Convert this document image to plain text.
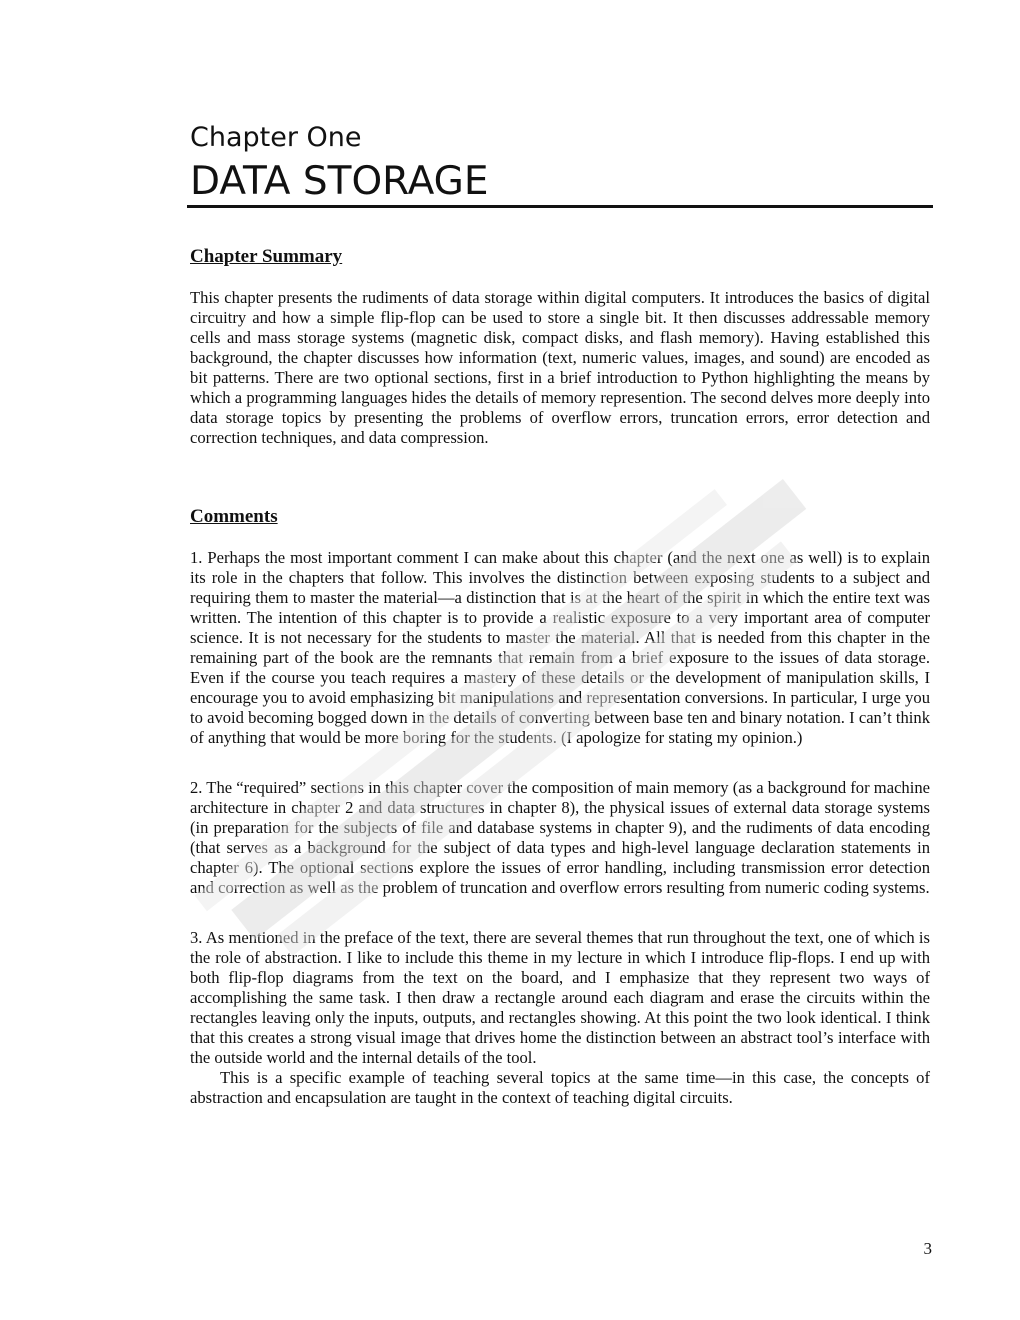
Chapter One
DATA STORAGE
Chapter Summary

This chapter presents the rudiments of data storage within digital computers. It introduces the basics of digital circuitry and how a simple flip-flop can be used to store a single bit. It then discusses addressable memory cells and mass storage systems (magnetic disk, compact disks, and flash memory). Having established this background, the chapter discusses how information (text, numeric values, images, and sound) are encoded as bit patterns. There are two optional sections, first in a brief introduction to Python highlighting the means by which a programming languages hides the details of memory represention. The second delves more deeply into data storage topics by presenting the problems of overflow errors, truncation errors, error detection and correction techniques, and data compression.

Comments

1. Perhaps the most important comment I can make about this chapter (and the next one as well) is to explain its role in the chapters that follow. This involves the distinction between exposing students to a subject and requiring them to master the material—a distinction that is at the heart of the spirit in which the entire text was written. The intention of this chapter is to provide a realistic exposure to a very important area of computer science. It is not necessary for the students to master the material. All that is needed from this chapter in the remaining part of the book are the remnants that remain from a brief exposure to the issues of data storage. Even if the course you teach requires a mastery of these details or the development of manipulation skills, I encourage you to avoid emphasizing bit manipulations and representation conversions. In particular, I urge you to avoid becoming bogged down in the details of converting between base ten and binary notation. I can’t think of anything that would be more boring for the students. (I apologize for stating my opinion.)

2. The “required” sections in this chapter cover the composition of main memory (as a background for machine architecture in chapter 2 and data structures in chapter 8), the physical issues of external data storage systems (in preparation for the subjects of file and database systems in chapter 9), and the rudiments of data encoding (that serves as a background for the subject of data types and high-level language declaration statements in chapter 6). The optional sections explore the issues of error handling, including transmission error detection and correction as well as the problem of truncation and overflow errors resulting from numeric coding systems.

3. As mentioned in the preface of the text, there are several themes that run throughout the text, one of which is the role of abstraction. I like to include this theme in my lecture in which I introduce flip-flops. I end up with both flip-flop diagrams from the text on the board, and I emphasize that they represent two ways of accomplishing the same task. I then draw a rectangle around each diagram and erase the circuits within the rectangles leaving only the inputs, outputs, and rectangles showing. At this point the two look identical. I think that this creates a strong visual image that drives home the distinction between an abstract tool’s interface with the outside world and the internal details of the tool.

This is a specific example of teaching several topics at the same time—in this case, the concepts of abstraction and encapsulation are taught in the context of teaching digital circuits.

3
